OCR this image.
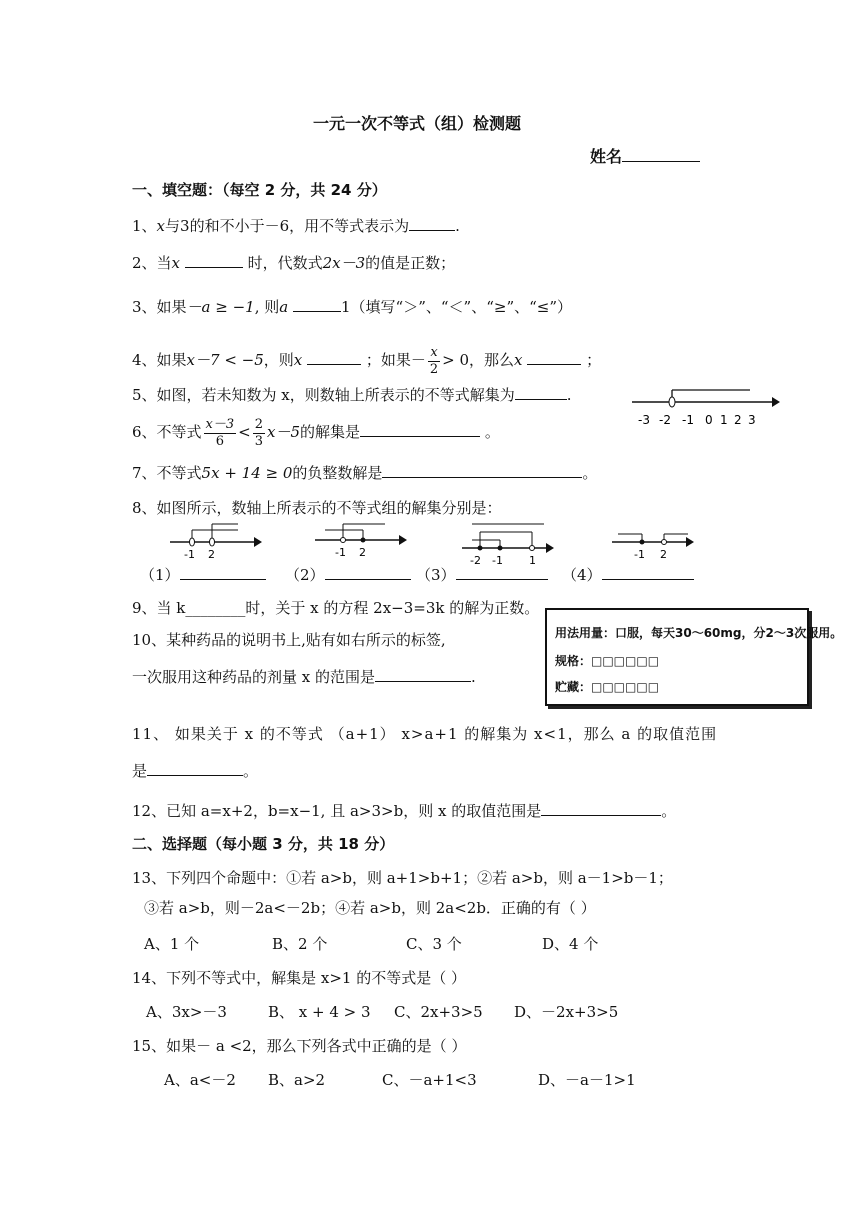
一元一次不等式（组）检测题
姓名
一、填空题：（每空 2 分，共 24 分）
1、x与3的和不小于－6，用不等式表示为	.
2、当x	时，代数式2x－3的值是正数；
3、如果－a ≥ −1, 则a	1（填写“＞”、“＜”、“≥”、“≤”）
4、如果x－7 < −5，则x	；如果－ $\frac{x}{2} > 0$，那么x	；
5、如图，若未知数为 x，则数轴上所表示的不等式解集为	.
-3 -2 -1 0 1 2 3
6、不等式 $\frac{x-3}{6} < \frac{2}{3} x-5$的解集是	。
7、不等式5x + 14 ≥ 0的负整数解是	。
8、如图所示，数轴上所表示的不等式组的解集分别是：
-1 2	-1 2
-2 -1 1	-1 2
（1）	（2）	（3）	（4）
9、当 k________时，关于 x 的方程 2x−3=3k 的解为正数。
10、某种药品的说明书上,贴有如右所示的标签,
一次服用这种药品的剂量 x 的范围是	.
用法用量：口服，每天30～60mg，分2～3次服用。
规格：□□□□□□
贮藏：□□□□□□
11、 如果关于 x 的不等式 （a+1） x>a+1 的解集为 x<1，那么 a 的取值范围
是	。
12、已知 a=x+2，b=x−1, 且 a>3>b，则 x 的取值范围是	。
二、选择题（每小题 3 分，共 18 分）
13、下列四个命题中：①若 a>b，则 a+1>b+1；②若 a>b，则 a－1>b－1；
③若 a>b，则－2a<－2b；④若 a>b，则 2a<2b．正确的有（ ）
A、1 个	B、2 个	C、3 个	D、4 个
14、下列不等式中，解集是 x>1 的不等式是（ ）
A、3x>－3	B、 x + 4 > 3 C、2x+3>5 D、－2x+3>5
15、如果－ a <2，那么下列各式中正确的是（ ）
A、a<－2 B、a>2	C、－a+1<3	D、－a－1>1
